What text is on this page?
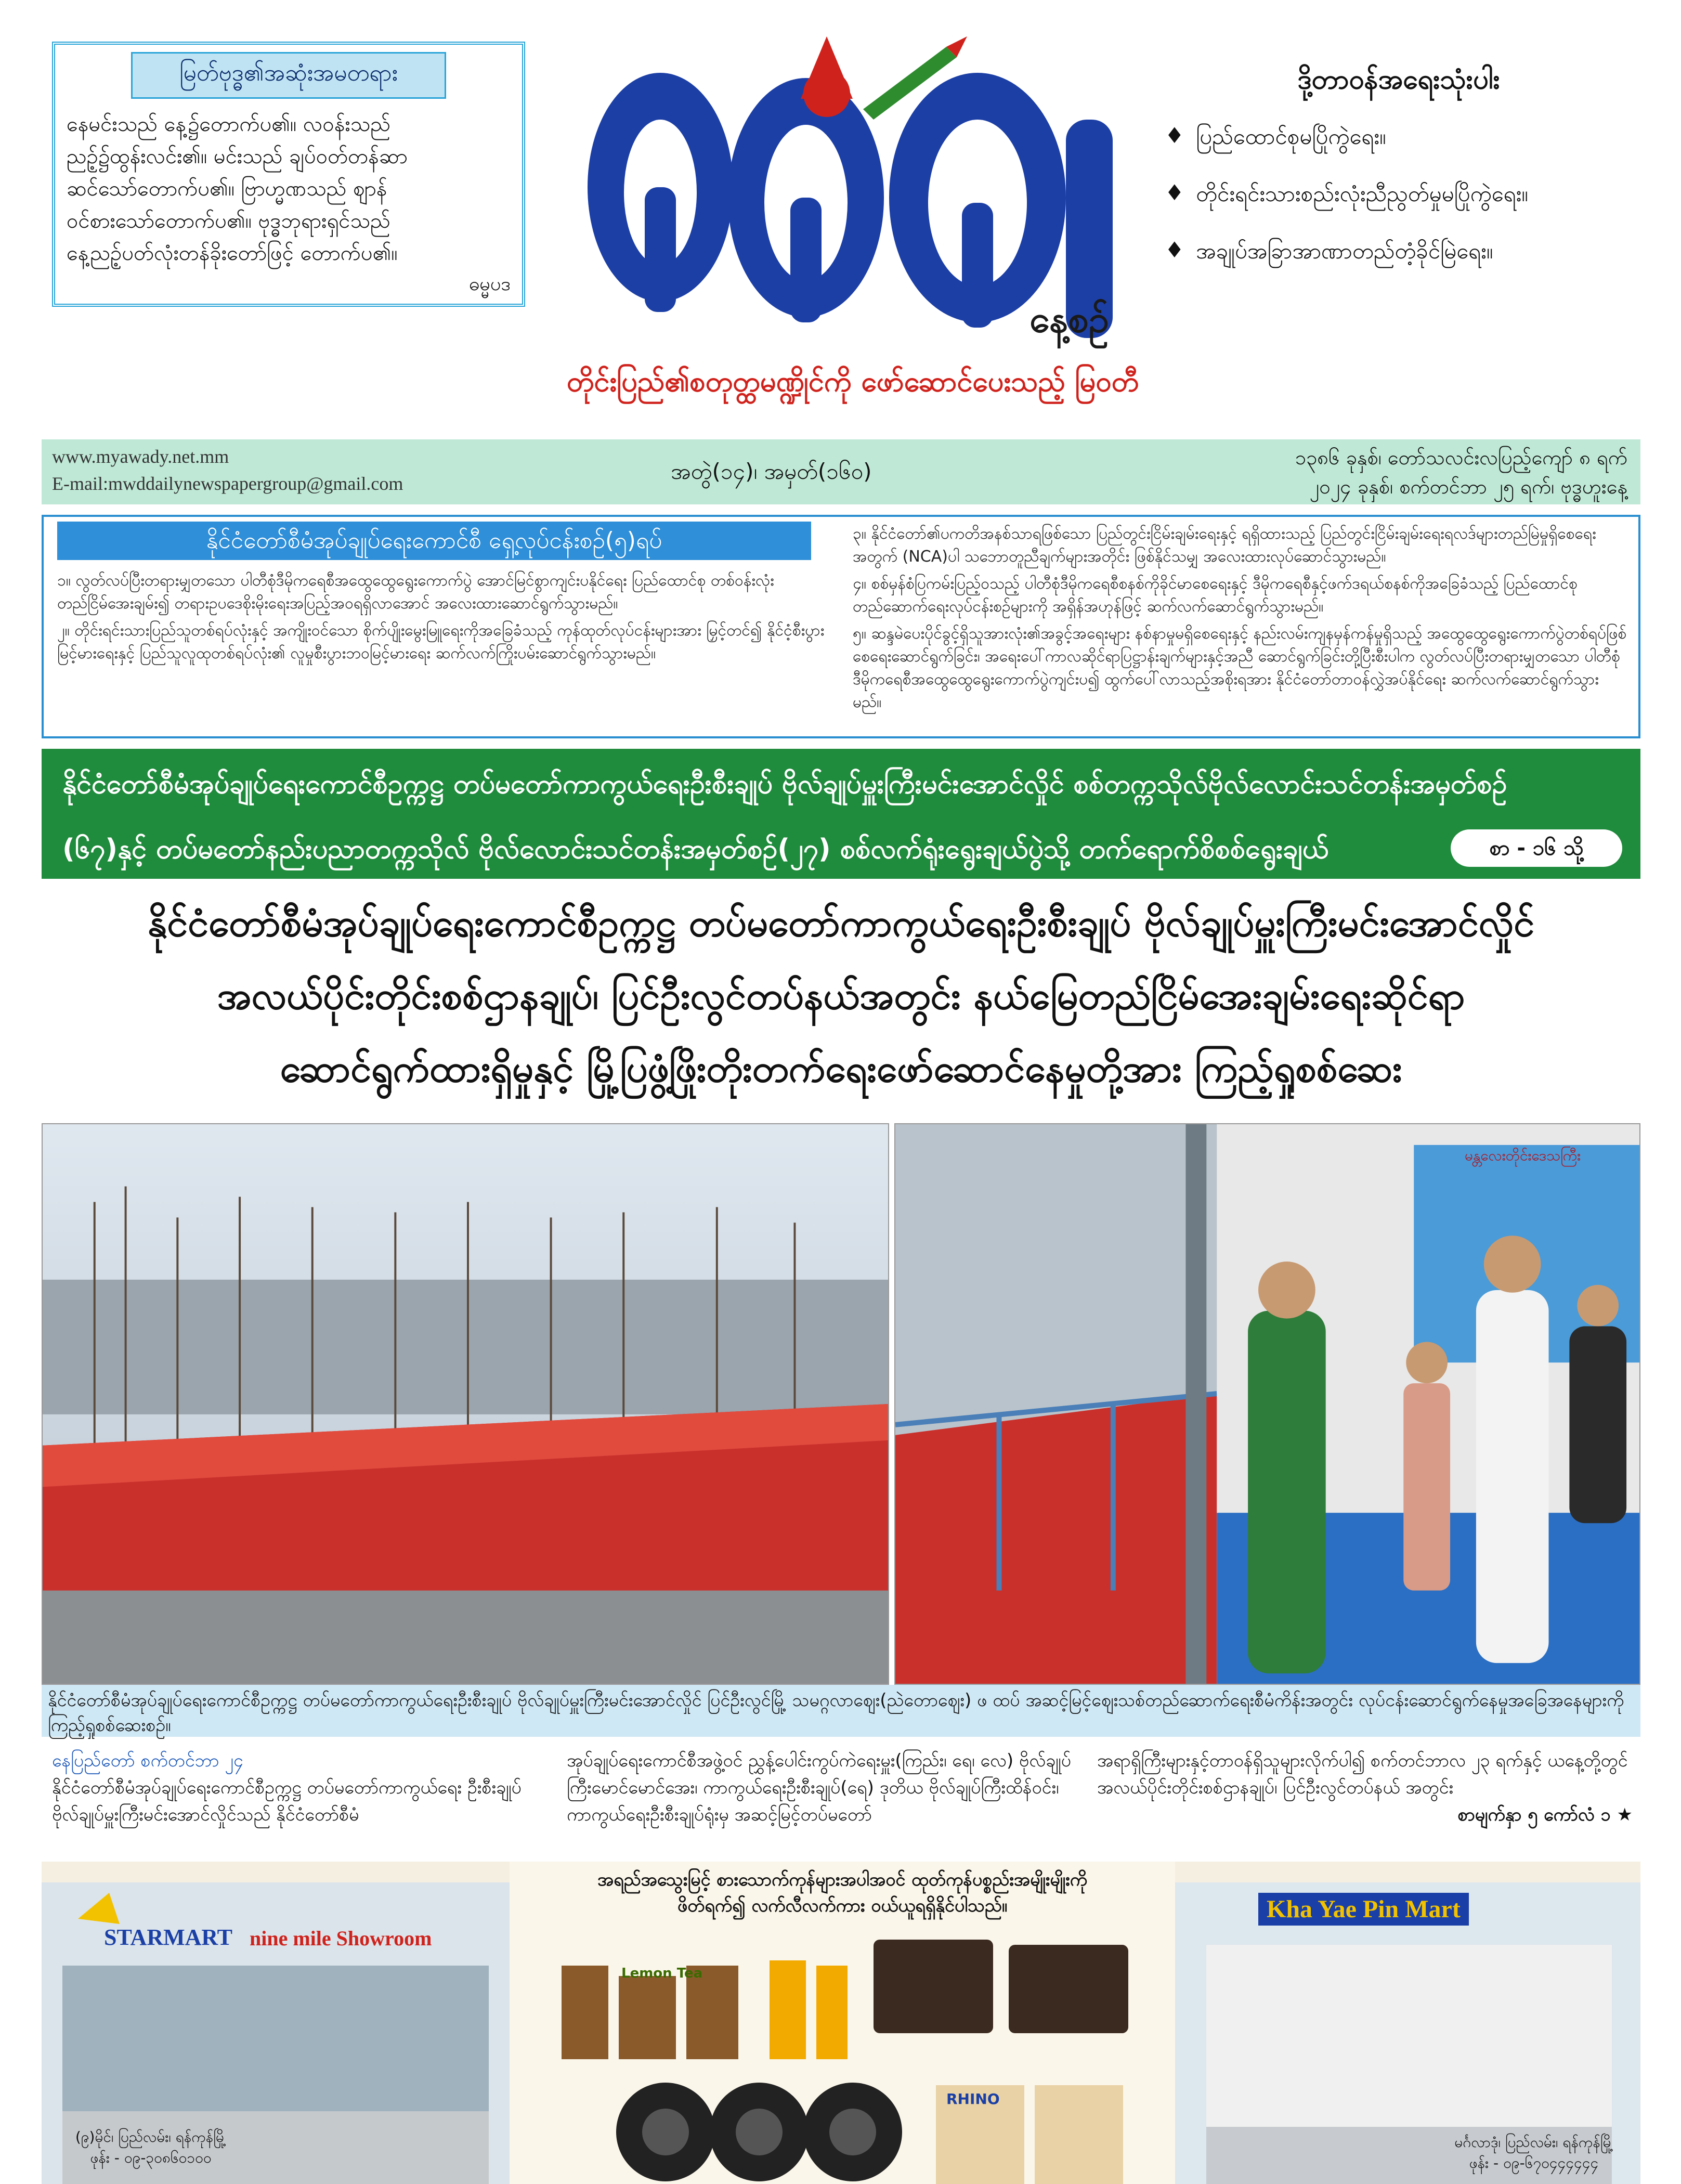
မြတ်ဗုဒ္ဓ၏အဆုံးအမတရား
နေမင်းသည် နေ့၌တောက်ပ၏။ လဝန်းသည်
ညဥ့်၌ထွန်းလင်း၏။ မင်းသည် ချပ်ဝတ်တန်ဆာ
ဆင်သော်တောက်ပ၏။ ဗြာဟ္မဏသည် ဈာန်
ဝင်စားသော်တောက်ပ၏။ ဗုဒ္ဓဘုရားရှင်သည်
နေ့ညဥ့်ပတ်လုံးတန်ခိုးတော်ဖြင့် တောက်ပ၏။
ဓမ္မပဒ
နေ့စဉ်
တိုင်းပြည်၏စတုတ္ထမဏ္ဍိုင်ကို ဖော်ဆောင်ပေးသည့် မြဝတီ
ဒို့တာဝန်အရေးသုံးပါး
♦ ပြည်ထောင်စုမပြိုကွဲရေး။
♦ တိုင်းရင်းသားစည်းလုံးညီညွတ်မှုမပြိုကွဲရေး။
♦ အချုပ်အခြာအာဏာတည်တံ့ခိုင်မြဲရေး။
www.myawady.net.mm
E-mail:mwddailynewspapergroup@gmail.com	အတွဲ(၁၄)၊ အမှတ်(၁၆၀)
၁၃၈၆ ခုနှစ်၊ တော်သလင်းလပြည့်ကျော် ၈ ရက်
၂၀၂၄ ခုနှစ်၊ စက်တင်ဘာ ၂၅ ရက်၊ ဗုဒ္ဓဟူးနေ့
နိုင်ငံတော်စီမံအုပ်ချုပ်ရေးကောင်စီ ရှေ့လုပ်ငန်းစဉ်(၅)ရပ်

၁။ လွတ်လပ်ပြီးတရားမျှတသော ပါတီစုံဒီမိုကရေစီအထွေထွေရွေးကောက်ပွဲ အောင်မြင်စွာကျင်းပနိုင်ရေး ပြည်ထောင်စု တစ်ဝန်းလုံး တည်ငြိမ်အေးချမ်း၍ တရားဥပဒေစိုးမိုးရေးအပြည့်အဝရရှိလာအောင် အလေးထားဆောင်ရွက်သွားမည်။

၂။ တိုင်းရင်းသားပြည်သူတစ်ရပ်လုံးနှင့် အကျိုးဝင်သော စိုက်ပျိုးမွေးမြူရေးကိုအခြေခံသည့် ကုန်ထုတ်လုပ်ငန်းများအား မြှင့်တင်၍ နိုင်ငံ့စီးပွားမြင့်မားရေးနှင့် ပြည်သူလူထုတစ်ရပ်လုံး၏ လူမှုစီးပွားဘဝမြင့်မားရေး ဆက်လက်ကြိုးပမ်းဆောင်ရွက်သွားမည်။

၃။ နိုင်ငံတော်၏ပကတိအနစ်သာရဖြစ်သော ပြည်တွင်းငြိမ်းချမ်းရေးနှင့် ရရှိထားသည့် ပြည်တွင်းငြိမ်းချမ်းရေးရလဒ်များတည်မြဲမှုရှိစေရေးအတွက် (NCA)ပါ သဘောတူညီချက်များအတိုင်း ဖြစ်နိုင်သမျှ အလေးထားလုပ်ဆောင်သွားမည်။

၄။ စစ်မှန်စံပြကမ်းပြည့်ဝသည့် ပါတီစုံဒီမိုကရေစီစနစ်ကိုခိုင်မာစေရေးနှင့် ဒီမိုကရေစီနှင့်ဖက်ဒရယ်စနစ်ကိုအခြေခံသည့် ပြည်ထောင်စုတည်ဆောက်ရေးလုပ်ငန်းစဉ်များကို အရှိန်အဟုန်ဖြင့် ဆက်လက်ဆောင်ရွက်သွားမည်။

၅။ ဆန္ဒမဲပေးပိုင်ခွင့်ရှိသူအားလုံး၏အခွင့်အရေးများ နစ်နာမှုမရှိစေရေးနှင့် နည်းလမ်းကျနမှန်ကန်မှုရှိသည့် အထွေထွေရွေးကောက်ပွဲတစ်ရပ်ဖြစ်စေရေးဆောင်ရွက်ခြင်း၊ အရေးပေါ်ကာလဆိုင်ရာပြဋ္ဌာန်းချက်များနှင့်အညီ ဆောင်ရွက်ခြင်းတို့ပြီးစီးပါက လွတ်လပ်ပြီးတရားမျှတသော ပါတီစုံဒီမိုကရေစီအထွေထွေရွေးကောက်ပွဲကျင်းပ၍ ထွက်ပေါ်လာသည့်အစိုးရအား နိုင်ငံတော်တာဝန်လွှဲအပ်နိုင်ရေး ဆက်လက်ဆောင်ရွက်သွားမည်။

နိုင်ငံတော်စီမံအုပ်ချုပ်ရေးကောင်စီဥက္ကဋ္ဌ တပ်မတော်ကာကွယ်ရေးဦးစီးချုပ် ဗိုလ်ချုပ်မှူးကြီးမင်းအောင်လှိုင် စစ်တက္ကသိုလ်ဗိုလ်လောင်းသင်တန်းအမှတ်စဉ်
(၆၇)နှင့် တပ်မတော်နည်းပညာတက္ကသိုလ် ဗိုလ်လောင်းသင်တန်းအမှတ်စဉ်(၂၇) စစ်လက်ရုံးရွေးချယ်ပွဲသို့ တက်ရောက်စိစစ်ရွေးချယ်	စာ - ၁၆ သို့
နိုင်ငံတော်စီမံအုပ်ချုပ်ရေးကောင်စီဥက္ကဋ္ဌ တပ်မတော်ကာကွယ်ရေးဦးစီးချုပ် ဗိုလ်ချုပ်မှူးကြီးမင်းအောင်လှိုင်
အလယ်ပိုင်းတိုင်းစစ်ဌာနချုပ်၊ ပြင်ဦးလွင်တပ်နယ်အတွင်း နယ်မြေတည်ငြိမ်အေးချမ်းရေးဆိုင်ရာ
ဆောင်ရွက်ထားရှိမှုနှင့် မြို့ပြဖွံ့ဖြိုးတိုးတက်ရေးဖော်ဆောင်နေမှုတို့အား ကြည့်ရှုစစ်ဆေး
မန္တလေးတိုင်းဒေသကြီး
နိုင်ငံတော်စီမံအုပ်ချုပ်ရေးကောင်စီဥက္ကဋ္ဌ တပ်မတော်ကာကွယ်ရေးဦးစီးချုပ် ဗိုလ်ချုပ်မှူးကြီးမင်းအောင်လှိုင် ပြင်ဦးလွင်မြို့ သမဂ္ဂလာဈေး(ညဲတောဈေး) ဖ ထပ် အဆင့်မြင့်ဈေးသစ်တည်ဆောက်ရေးစီမံကိန်းအတွင်း လုပ်ငန်းဆောင်ရွက်နေမှုအခြေအနေများကို ကြည့်ရှုစစ်ဆေးစဉ်။
နေပြည်တော် စက်တင်ဘာ ၂၄
နိုင်ငံတော်စီမံအုပ်ချုပ်ရေးကောင်စီဥက္ကဋ္ဌ တပ်မတော်ကာကွယ်ရေး ဦးစီးချုပ် ဗိုလ်ချုပ်မှူးကြီးမင်းအောင်လှိုင်သည် နိုင်ငံတော်စီမံ
အုပ်ချုပ်ရေးကောင်စီအဖွဲ့ဝင် ညွှန့်ပေါင်းကွပ်ကဲရေးမှူး(ကြည်း၊ ရေ၊ လေ) ဗိုလ်ချုပ်ကြီးမောင်မောင်အေး၊ ကာကွယ်ရေးဦးစီးချုပ်(ရေ) ဒုတိယ ဗိုလ်ချုပ်ကြီးထိန်ဝင်း၊ ကာကွယ်ရေးဦးစီးချုပ်ရုံးမှ အဆင့်မြင့်တပ်မတော်
အရာရှိကြီးများနှင့်တာဝန်ရှိသူများလိုက်ပါ၍ စက်တင်ဘာလ ၂၃ ရက်နှင့် ယနေ့တို့တွင် အလယ်ပိုင်းတိုင်းစစ်ဌာနချုပ်၊ ပြင်ဦးလွင်တပ်နယ် အတွင်း
စာမျက်နှာ ၅ ကော်လံ ၁ ★
STARMART nine mile Showroom
(၉)မိုင်၊ ပြည်လမ်း၊ ရန်ကုန်မြို့
ဖုန်း - ၀၉-၃၀၈၆၀၁၀၀
အရည်အသွေးမြင့် စားသောက်ကုန်များအပါအဝင် ထုတ်ကုန်ပစ္စည်းအမျိုးမျိုးကို
ဖိတ်ရက်၍ လက်လီလက်ကား ဝယ်ယူရရှိနိုင်ပါသည်။
Lemon Tea
RHINO
Kha Yae Pin Mart
မင်္ဂလာဒုံ၊ ပြည်လမ်း၊ ရန်ကုန်မြို့
ဖုန်း - ၀၉-၆၇၀၄၄၄၄၄၄
